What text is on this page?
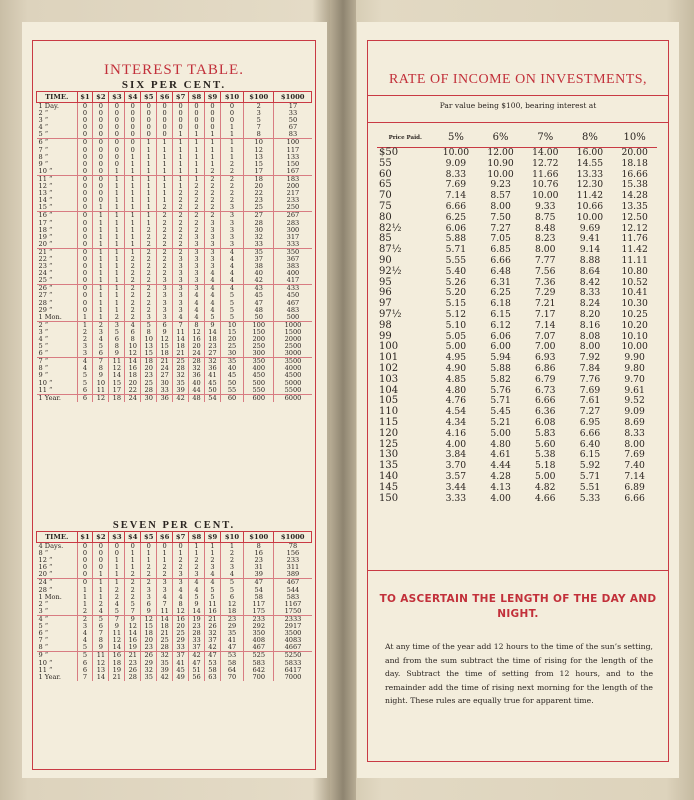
INTEREST TABLE.
SIX PER CENT.
TIME.	$1	$2	$3	$4	$5	$6	$7	$8	$9	$10	$100	$1000
1 Day.	0	0	0	0	0	0	0	0	0	0	2	17
2 “	0	0	0	0	0	0	0	0	0	0	3	33
3 “	0	0	0	0	0	0	0	0	0	0	5	50
4 “	0	0	0	0	0	0	0	0	0	1	7	67
5 “	0	0	0	0	0	0	1	1	1	1	8	83
6 “	0	0	0	0	1	1	1	1	1	1	10	100
7 “	0	0	0	0	1	1	1	1	1	1	12	117
8 “	0	0	0	1	1	1	1	1	1	1	13	133
9 “	0	0	0	1	1	1	1	1	1	2	15	150
10 “	0	0	1	1	1	1	1	1	2	2	17	167
11 “	0	0	1	1	1	1	1	1	2	2	18	183
12 “	0	0	1	1	1	1	1	2	2	2	20	200
13 “	0	0	1	1	1	1	2	2	2	2	22	217
14 “	0	0	1	1	1	1	2	2	2	2	23	233
15 “	0	1	1	1	1	2	2	2	2	3	25	250
16 “	0	1	1	1	1	2	2	2	2	3	27	267
17 “	0	1	1	1	1	2	2	2	3	3	28	283
18 “	0	1	1	1	2	2	2	2	3	3	30	300
19 “	0	1	1	1	2	2	2	3	3	3	32	317
20 “	0	1	1	1	2	2	2	3	3	3	33	333
21 “	0	1	1	1	2	2	2	3	3	4	35	350
22 “	0	1	1	2	2	2	3	3	3	4	37	367
23 “	0	1	1	2	2	2	3	3	3	4	38	383
24 “	0	1	1	2	2	2	3	3	4	4	40	400
25 “	0	1	1	2	2	3	3	3	4	4	42	417
26 “	0	1	1	2	2	3	3	3	4	4	43	433
27 “	0	1	1	2	2	3	3	4	4	5	45	450
28 “	0	1	1	2	2	3	3	4	4	5	47	467
29 “	0	1	1	2	2	3	3	4	4	5	48	483
1 Mon.	1	1	2	2	3	3	4	4	5	5	50	500
2 “	1	2	3	4	5	6	7	8	9	10	100	1000
3 “	2	3	5	6	8	9	11	12	14	15	150	1500
4 “	2	4	6	8	10	12	14	16	18	20	200	2000
5 “	3	5	8	10	13	15	18	20	23	25	250	2500
6 “	3	6	9	12	15	18	21	24	27	30	300	3000
7 “	4	7	11	14	18	21	25	28	32	35	350	3500
8 “	4	8	12	16	20	24	28	32	36	40	400	4000
9 “	5	9	14	18	23	27	32	36	41	45	450	4500
10 “	5	10	15	20	25	30	35	40	45	50	500	5000
11 “	6	11	17	22	28	33	39	44	50	55	550	5500
1 Year.	6	12	18	24	30	36	42	48	54	60	600	6000
SEVEN PER CENT.
TIME.	$1	$2	$3	$4	$5	$6	$7	$8	$9	$10	$100	$1000
4 Days.	0	0	0	0	0	0	0	1	1	1	8	78
8 “	0	0	0	1	1	1	1	1	1	2	16	156
12 “	0	0	1	1	1	1	2	2	2	2	23	233
16 “	0	0	1	1	2	2	2	2	3	3	31	311
20 “	0	1	1	2	2	2	3	3	4	4	39	389
24 “	0	1	1	2	2	3	3	4	4	5	47	467
28 “	1	1	2	2	3	3	4	4	5	5	54	544
1 Mon.	1	1	2	2	3	4	4	5	5	6	58	583
2 “	1	2	4	5	6	7	8	9	11	12	117	1167
3 “	2	4	5	7	9	11	12	14	16	18	175	1750
4 “	2	5	7	9	12	14	16	19	21	23	233	2333
5 “	3	6	9	12	15	18	20	23	26	29	292	2917
6 “	4	7	11	14	18	21	25	28	32	35	350	3500
7 “	4	8	12	16	20	25	29	33	37	41	408	4083
8 “	5	9	14	19	23	28	33	37	42	47	467	4667
9 “	5	11	16	21	26	32	37	42	47	53	525	5250
10 “	6	12	18	23	29	35	41	47	53	58	583	5833
11 “	6	13	19	26	32	39	45	51	58	64	642	6417
1 Year.	7	14	21	28	35	42	49	56	63	70	700	7000
RATE OF INCOME ON INVESTMENTS,
Par value being $100, bearing interest at
Price Paid.	5%	6%	7%	8%	10%
$50	10.00	12.00	14.00	16.00	20.00
55	9.09	10.90	12.72	14.55	18.18
60	8.33	10.00	11.66	13.33	16.66
65	7.69	9.23	10.76	12.30	15.38
70	7.14	8.57	10.00	11.42	14.28
75	6.66	8.00	9.33	10.66	13.35
80	6.25	7.50	8.75	10.00	12.50
82½	6.06	7.27	8.48	9.69	12.12
85	5.88	7.05	8.23	9.41	11.76
87½	5.71	6.85	8.00	9.14	11.42
90	5.55	6.66	7.77	8.88	11.11
92½	5.40	6.48	7.56	8.64	10.80
95	5.26	6.31	7.36	8.42	10.52
96	5.20	6.25	7.29	8.33	10.41
97	5.15	6.18	7.21	8.24	10.30
97½	5.12	6.15	7.17	8.20	10.25
98	5.10	6.12	7.14	8.16	10.20
99	5.05	6.06	7.07	8.08	10.10
100	5.00	6.00	7.00	8.00	10.00
101	4.95	5.94	6.93	7.92	9.90
102	4.90	5.88	6.86	7.84	9.80
103	4.85	5.82	6.79	7.76	9.70
104	4.80	5.76	6.73	7.69	9.61
105	4.76	5.71	6.66	7.61	9.52
110	4.54	5.45	6.36	7.27	9.09
115	4.34	5.21	6.08	6.95	8.69
120	4.16	5.00	5.83	6.66	8.33
125	4.00	4.80	5.60	6.40	8.00
130	3.84	4.61	5.38	6.15	7.69
135	3.70	4.44	5.18	5.92	7.40
140	3.57	4.28	5.00	5.71	7.14
145	3.44	4.13	4.82	5.51	6.89
150	3.33	4.00	4.66	5.33	6.66
TO ASCERTAIN THE LENGTH OF THE DAY AND NIGHT.
At any time of the year add 12 hours to the time of the sun’s setting, and from the sum subtract the time of rising for the length of the day. Subtract the time of setting from 12 hours, and to the remainder add the time of rising next morning for the length of the night. These rules are equally true for apparent time.
